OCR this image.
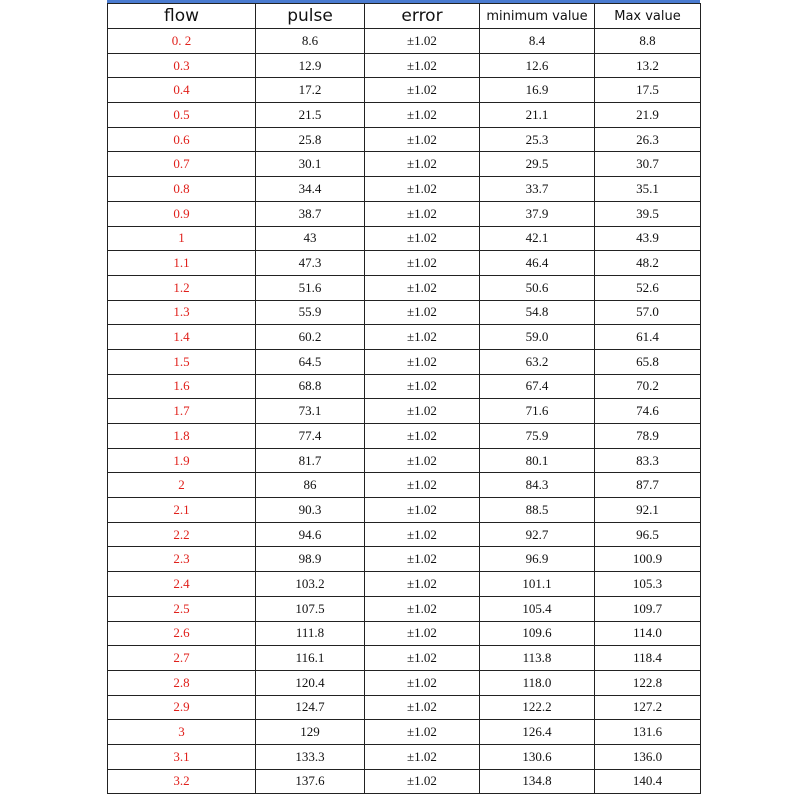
flow	pulse	error	minimum value	Max value
0. 2	8.6	±1.02	8.4	8.8
0.3	12.9	±1.02	12.6	13.2
0.4	17.2	±1.02	16.9	17.5
0.5	21.5	±1.02	21.1	21.9
0.6	25.8	±1.02	25.3	26.3
0.7	30.1	±1.02	29.5	30.7
0.8	34.4	±1.02	33.7	35.1
0.9	38.7	±1.02	37.9	39.5
1	43	±1.02	42.1	43.9
1.1	47.3	±1.02	46.4	48.2
1.2	51.6	±1.02	50.6	52.6
1.3	55.9	±1.02	54.8	57.0
1.4	60.2	±1.02	59.0	61.4
1.5	64.5	±1.02	63.2	65.8
1.6	68.8	±1.02	67.4	70.2
1.7	73.1	±1.02	71.6	74.6
1.8	77.4	±1.02	75.9	78.9
1.9	81.7	±1.02	80.1	83.3
2	86	±1.02	84.3	87.7
2.1	90.3	±1.02	88.5	92.1
2.2	94.6	±1.02	92.7	96.5
2.3	98.9	±1.02	96.9	100.9
2.4	103.2	±1.02	101.1	105.3
2.5	107.5	±1.02	105.4	109.7
2.6	111.8	±1.02	109.6	114.0
2.7	116.1	±1.02	113.8	118.4
2.8	120.4	±1.02	118.0	122.8
2.9	124.7	±1.02	122.2	127.2
3	129	±1.02	126.4	131.6
3.1	133.3	±1.02	130.6	136.0
3.2	137.6	±1.02	134.8	140.4
